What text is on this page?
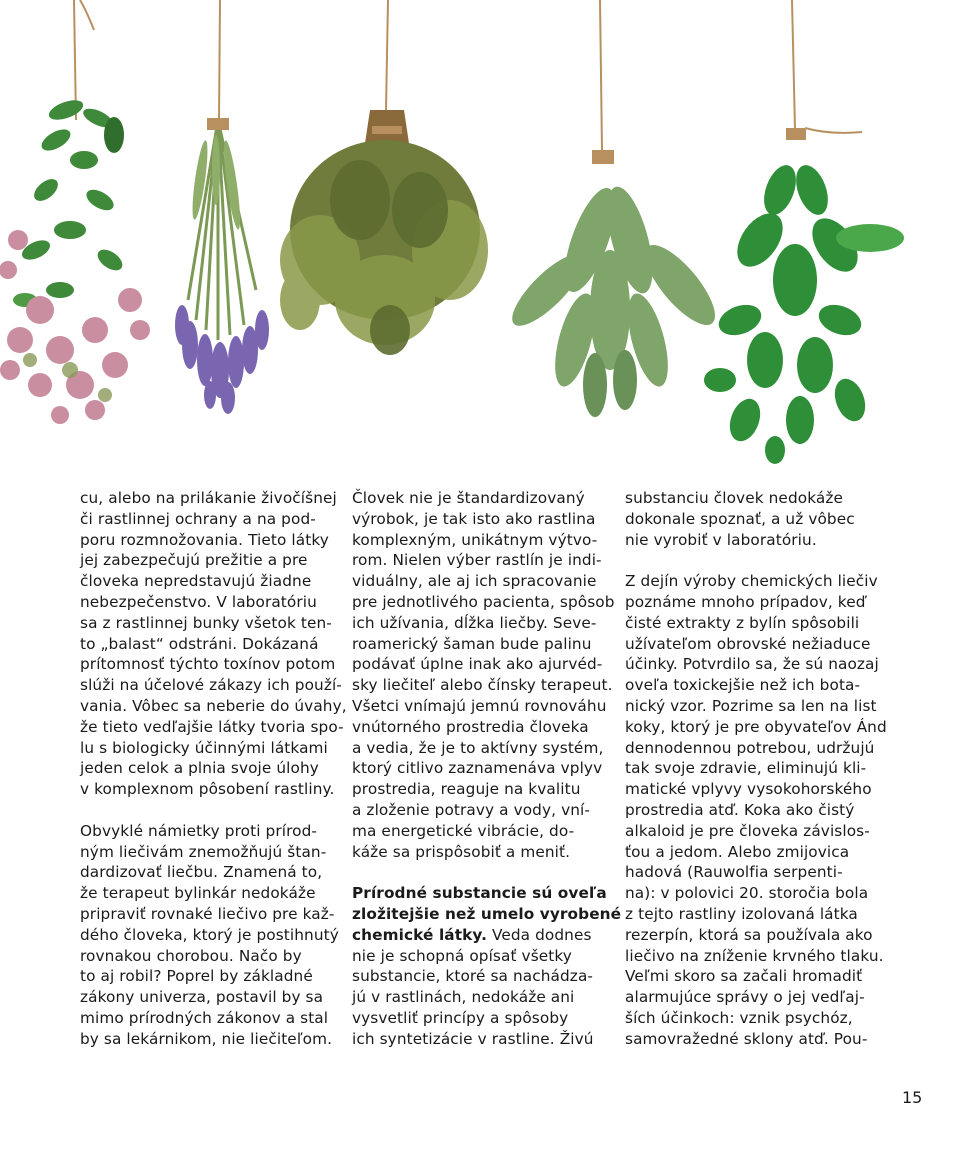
cu, alebo na prilákanie živočíšnej
či rastlinnej ochrany a na pod-
poru rozmnožovania. Tieto látky
jej zabezpečujú prežitie a pre
človeka nepredstavujú žiadne
nebezpečenstvo. V laboratóriu
sa z rastlinnej bunky všetok ten-
to „balast“ odstráni. Dokázaná
prítomnosť týchto toxínov potom
slúži na účelové zákazy ich použí-
vania. Vôbec sa neberie do úvahy,
že tieto vedľajšie látky tvoria spo-
lu s biologicky účinnými látkami
jeden celok a plnia svoje úlohy
v komplexnom pôsobení rastliny.
Obvyklé námietky proti prírod-
ným liečivám znemožňujú štan-
dardizovať liečbu. Znamená to,
že terapeut bylinkár nedokáže
pripraviť rovnaké liečivo pre kaž-
dého človeka, ktorý je postihnutý
rovnakou chorobou. Načo by
to aj robil? Poprel by základné
zákony univerza, postavil by sa
mimo prírodných zákonov a stal
by sa lekárnikom, nie liečiteľom.
Človek nie je štandardizovaný
výrobok, je tak isto ako rastlina
komplexným, unikátnym výtvo-
rom. Nielen výber rastlín je indi-
viduálny, ale aj ich spracovanie
pre jednotlivého pacienta, spôsob
ich užívania, dĺžka liečby. Seve-
roamerický šaman bude palinu
podávať úplne inak ako ajurvéd-
sky liečiteľ alebo čínsky terapeut.
Všetci vnímajú jemnú rovnováhu
vnútorného prostredia človeka
a vedia, že je to aktívny systém,
ktorý citlivo zaznamenáva vplyv
prostredia, reaguje na kvalitu
a zloženie potravy a vody, vní-
ma energetické vibrácie, do-
káže sa prispôsobiť a meniť.
Prírodné substancie sú oveľa
zložitejšie než umelo vyrobené
chemické látky. Veda dodnes
nie je schopná opísať všetky
substancie, ktoré sa nachádza-
jú v rastlinách, nedokáže ani
vysvetliť princípy a spôsoby
ich syntetizácie v rastline. Živú
substanciu človek nedokáže
dokonale spoznať, a už vôbec
nie vyrobiť v laboratóriu.
Z dejín výroby chemických liečiv
poznáme mnoho prípadov, keď
čisté extrakty z bylín spôsobili
užívateľom obrovské nežiaduce
účinky. Potvrdilo sa, že sú naozaj
oveľa toxickejšie než ich bota-
nický vzor. Pozrime sa len na list
koky, ktorý je pre obyvateľov Ánd
dennodennou potrebou, udržujú
tak svoje zdravie, eliminujú kli-
matické vplyvy vysokohorského
prostredia atď. Koka ako čistý
alkaloid je pre človeka závislos-
ťou a jedom. Alebo zmijovica
hadová (Rauwolfia serpenti-
na): v polovici 20. storočia bola
z tejto rastliny izolovaná látka
rezerpín, ktorá sa používala ako
liečivo na zníženie krvného tlaku.
Veľmi skoro sa začali hromadiť
alarmujúce správy o jej vedľaj-
ších účinkoch: vznik psychóz,
samovražedné sklony atď. Pou-
15
